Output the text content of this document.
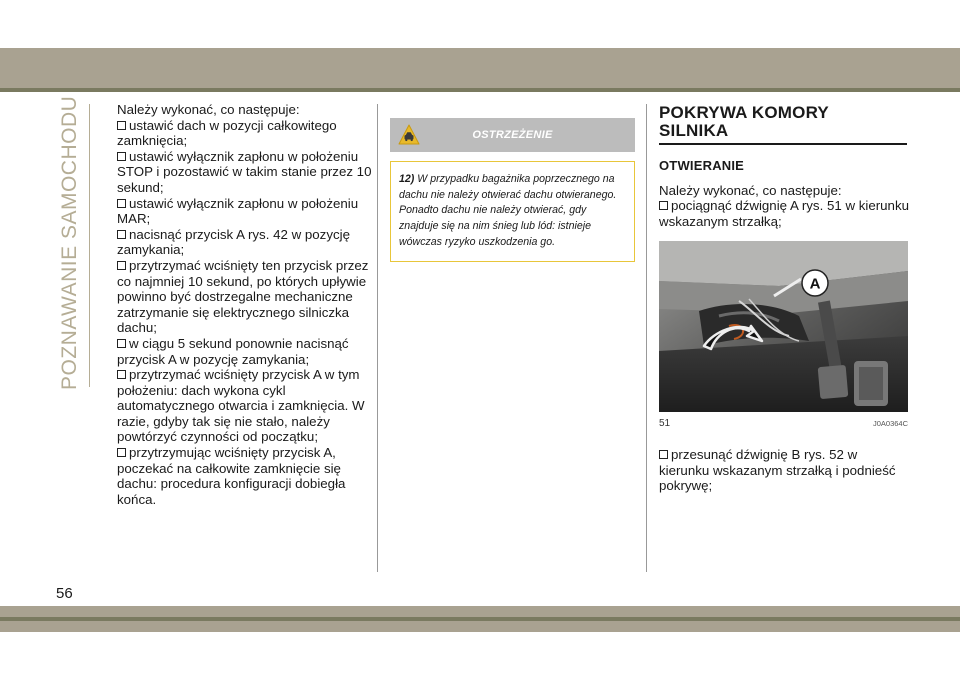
POZNAWANIE SAMOCHODU	Należy wykonać, co następuje:

ustawić dach w pozycji całkowitego zamknięcia;
ustawić wyłącznik zapłonu w położeniu STOP i pozostawić w takim stanie przez 10 sekund;
ustawić wyłącznik zapłonu w położeniu MAR;
nacisnąć przycisk A rys. 42 w pozycję zamykania;
przytrzymać wciśnięty ten przycisk przez co najmniej 10 sekund, po których upływie powinno być dostrzegalne mechaniczne zatrzymanie się elektrycznego silniczka dachu;
w ciągu 5 sekund ponownie nacisnąć przycisk A w pozycję zamykania;
przytrzymać wciśnięty przycisk A w tym położeniu: dach wykona cykl automatycznego otwarcia i zamknięcia. W razie, gdyby tak się nie stało, należy powtórzyć czynności od początku;
przytrzymując wciśnięty przycisk A, poczekać na całkowite zamknięcie się dachu: procedura konfiguracji dobiegła końca.
OSTRZEŻENIE
12) W przypadku bagażnika poprzecznego na dachu nie należy otwierać dachu otwieranego. Ponadto dachu nie należy otwierać, gdy znajduje się na nim śnieg lub lód: istnieje wówczas ryzyko uszkodzenia go.
POKRYWA KOMORY
SILNIKA
OTWIERANIE

Należy wykonać, co następuje:

pociągnąć dźwignię A rys. 51 w kierunku wskazanym strzałką;
A
51	J0A0364C
przesunąć dźwignię B rys. 52 w kierunku wskazanym strzałką i podnieść pokrywę;
56
